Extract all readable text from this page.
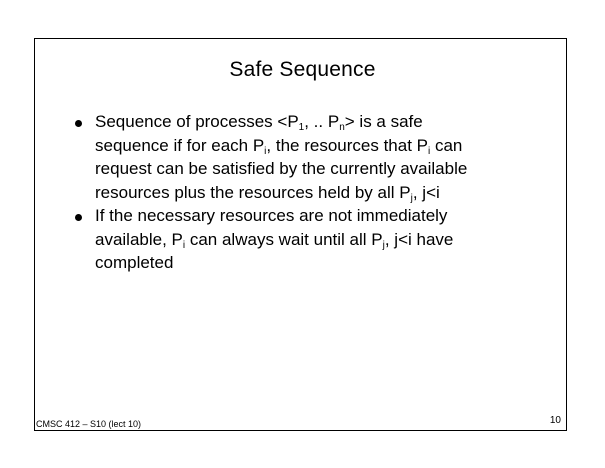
Safe Sequence
Sequence of processes $<P_1$, .. $P_n>$ is a safe
sequence if for each $P_i$, the resources that $P_i$ can
request can be satisfied by the currently available
resources plus the resources held by all $P_j$, j<i
If the necessary resources are not immediately
available, $P_i$ can always wait until all $P_j$, j<i have
completed
CMSC 412 – S10 (lect 10)	10
